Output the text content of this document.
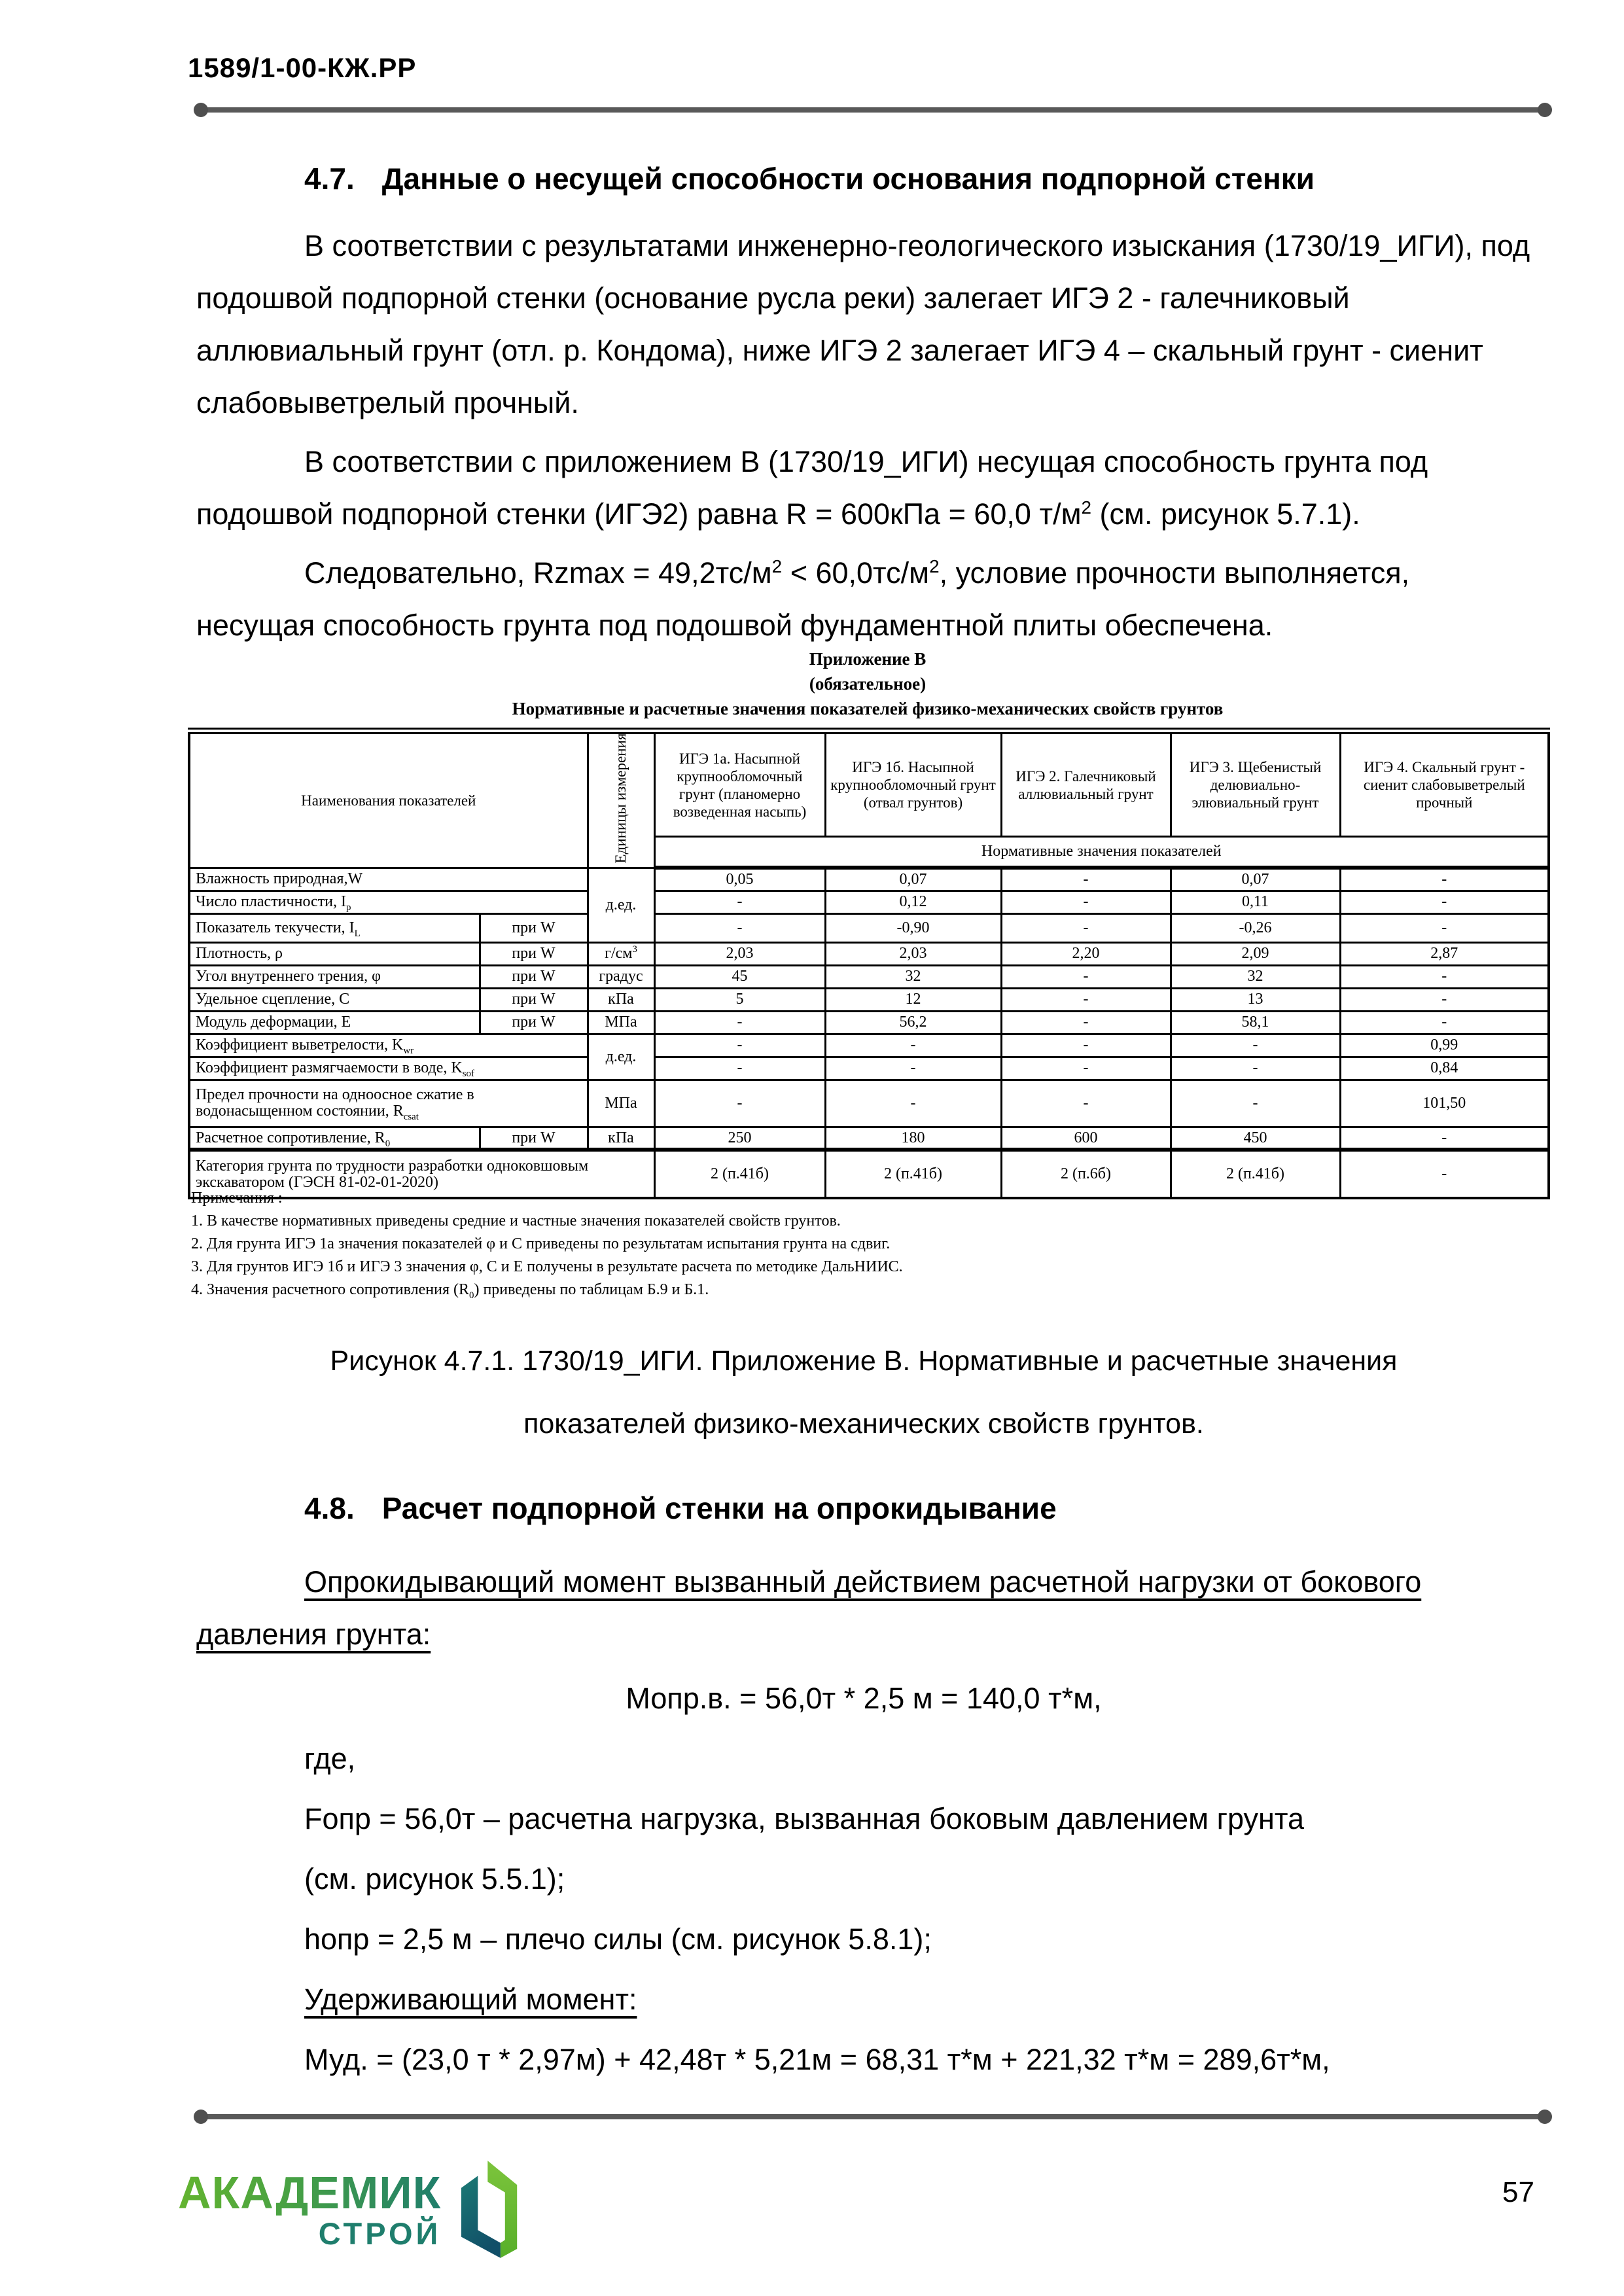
1589/1-00-КЖ.РР
4.7. Данные о несущей способности основания подпорной стенки

В соответствии с результатами инженерно-геологического изыскания (1730/19_ИГИ), под подошвой подпорной стенки (основание русла реки) залегает ИГЭ 2 - галечниковый аллювиальный грунт (отл. р. Кондома), ниже ИГЭ 2 залегает ИГЭ 4 – скальный грунт - сиенит слабовыветрелый прочный.

В соответствии с приложением В (1730/19_ИГИ) несущая способность грунта под подошвой подпорной стенки (ИГЭ2) равна R = 600кПа = 60,0 $т/м^2$ (см. рисунок 5.7.1).

Следовательно, $Rzmax = 49,2тс/м^2 < 60,0тс/м^2$, условие прочности выполняется, несущая способность грунта под подошвой фундаментной плиты обеспечена.

Приложение В
(обязательное)
Нормативные и расчетные значения показателей физико-механических свойств грунтов
Наименования показателей		Единицы измерения	ИГЭ 1а. Насыпной крупнообломочный грунт (планомерно возведенная насыпь)	ИГЭ 1б. Насыпной крупнообломочный грунт (отвал грунтов)	ИГЭ 2. Галечниковый аллювиальный грунт	ИГЭ 3. Щебенистый делювиально-элювиальный грунт	ИГЭ 4. Скальный грунт - сиенит слабовыветрелый прочный
			Нормативные значения показателей				
Влажность природная,W		д.ед.	0,05	0,07	-	0,07	-
Число пластичности, $I_p$			-	0,12	-	0,11	-
Показатель текучести, $I_L$	при W		-	-0,90	-	-0,26	-
Плотность, ρ	при W	$г/см^3$	2,03	2,03	2,20	2,09	2,87
Угол внутреннего трения, φ	при W	градус	45	32	-	32	-
Удельное сцепление, С	при W	кПа	5	12	-	13	-
Модуль деформации, Е	при W	МПа	-	56,2	-	58,1	-
Коэффициент выветрелости, $K_{wr}$		д.ед.	-	-	-	-	0,99
Коэффициент размягчаемости в воде, $K_{sof}$			-	-	-	-	0,84
Предел прочности на одноосное сжатие в водонасыщенном состоянии, $R_{csat}$		МПа	-	-	-	-	101,50
Расчетное сопротивление, $R_0$	при W	кПа	250	180	600	450	-
Категория грунта по трудности разработки одноковшовым экскаватором (ГЭСН 81-02-01-2020)			2 (п.41б)	2 (п.41б)	2 (п.6б)	2 (п.41б)	-
Примечания :
1. В качестве нормативных приведены средние и частные значения показателей свойств грунтов.
2. Для грунта ИГЭ 1а значения показателей φ и С приведены по результатам испытания грунта на сдвиг.
3. Для грунтов ИГЭ 1б и ИГЭ 3 значения φ, С и Е получены в результате расчета по методике ДальНИИС.
4. Значения расчетного сопротивления $(R_0)$ приведены по таблицам Б.9 и Б.1.
Рисунок 4.7.1. 1730/19_ИГИ. Приложение В. Нормативные и расчетные значения
показателей физико-механических свойств грунтов.
4.8. Расчет подпорной стенки на опрокидывание

Опрокидывающий момент вызванный действием расчетной нагрузки от бокового давления грунта:

Мопр.в. = 56,0т * 2,5 м = 140,0 т*м,

где,

Fопр = 56,0т – расчетна нагрузка, вызванная боковым давлением грунта

(см. рисунок 5.5.1);

hопр = 2,5 м – плечо силы (см. рисунок 5.8.1);

Удерживающий момент:

Муд. = (23,0 т * 2,97м) + 42,48т * 5,21м = 68,31 т*м + 221,32 т*м = 289,6т*м,

АКАДЕМИК
СТРОЙ
57
